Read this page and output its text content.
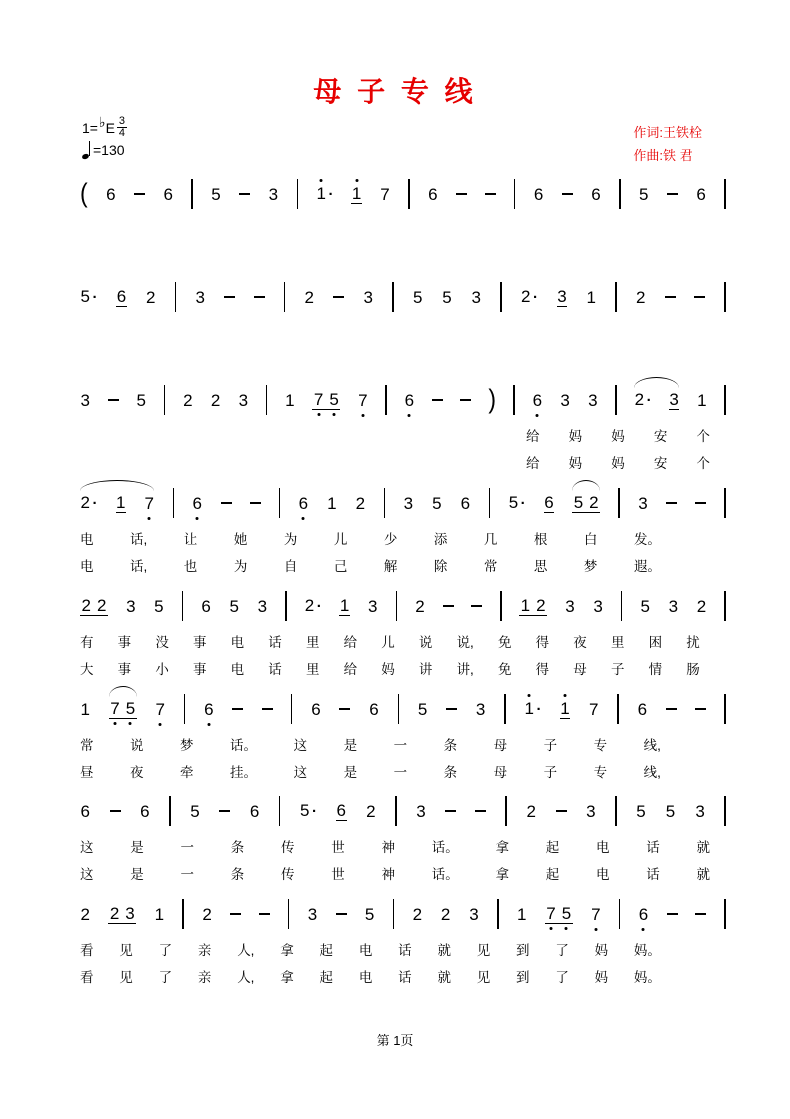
母 子 专 线
1=♭E $\frac{3}{4}$
=130
作词:王铁栓
作曲:铁 君
( 6	6 5	3 1 · 1 7 6	6	6 5	6
5 · 6 2 3	2	3 5 5 3 2 · 3 1 2
3	5 2 2 3 1 7 5 7 6	) 6 3 3 2 · 3 1
给 妈 妈 安 个
给 妈 妈 安 个
2 · 1 7 6	6 1 2 3 5 6 5 · 6 5 2 3
电	话,	让	她	为	儿	少	添	几	根	白	发。
电	话,	也	为	自	己	解	除	常	思	梦	遐。
2 2 3 5 6 5 3 2 · 1 3 2	1 2 3 3 5 3 2
有 事 没 事 电 话 里 给 儿 说 说, 免 得 夜 里 困 扰
大 事 小 事 电 话 里 给 妈 讲 讲, 免 得 母 子 情 肠
1 7 5 7 6	6	6 5	3 1 · 1 7 6
常	说	梦	话。	这	是	一	条	母	子	专	线,
昼	夜	牵	挂。	这	是	一	条	母	子	专	线,
6	6 5	6 5 · 6 2 3	2	3 5 5 3
这	是	一	条	传	世	神	话。	拿	起	电	话	就
这	是	一	条	传	世	神	话。	拿	起	电	话	就
2 2 3 1 2	3	5 2 2 3 1 7 5 7 6
看 见 了 亲 人, 拿 起 电 话 就 见 到 了 妈 妈。
看 见 了 亲 人, 拿 起 电 话 就 见 到 了 妈 妈。
第 1页
